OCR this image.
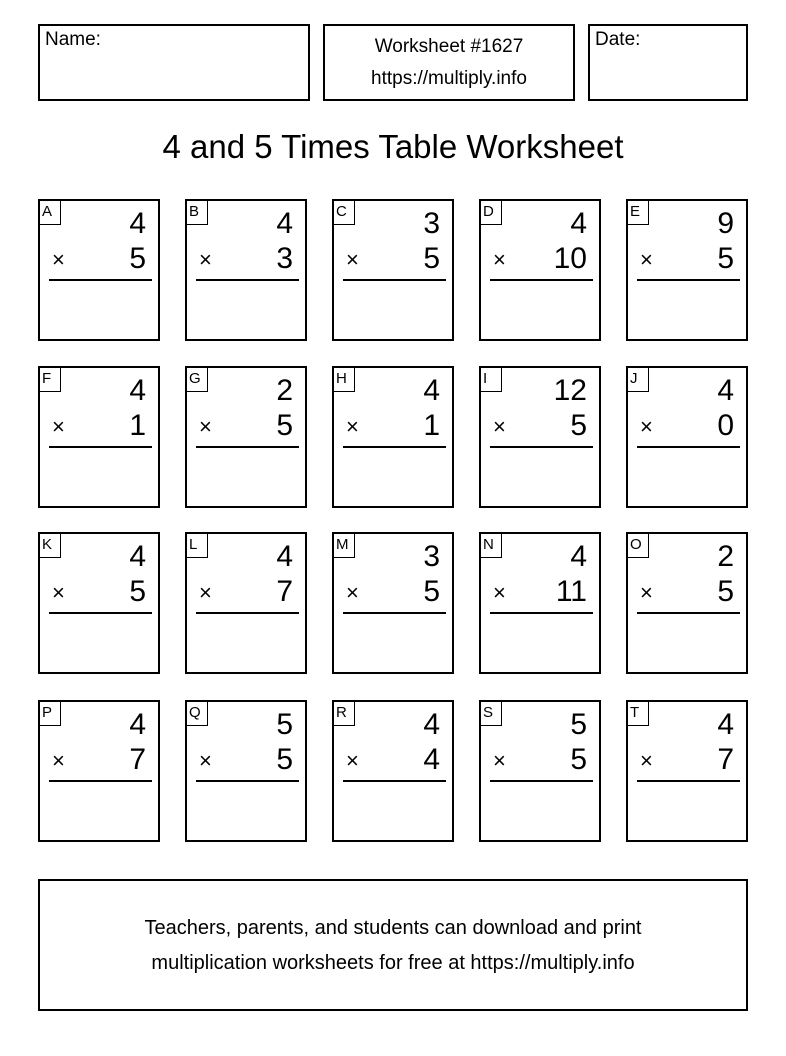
Name:	Worksheet #1627
https://multiply.info
Date:
4 and 5 Times Table Worksheet
A	4
× 5
B	4
× 3
C	3
× 5
D	4
× 10
E	9
× 5
F	4
× 1
G	2
× 5
H	4
× 1
I	12
× 5
J	4
× 0
K	4
× 5
L	4
× 7
M 3
× 5
N	4
× 11
O	2
× 5
P	4
× 7
Q	5
× 5
R	4
× 4
S	5
× 5
T	4
× 7
Teachers, parents, and students can download and print
multiplication worksheets for free at https://multiply.info
